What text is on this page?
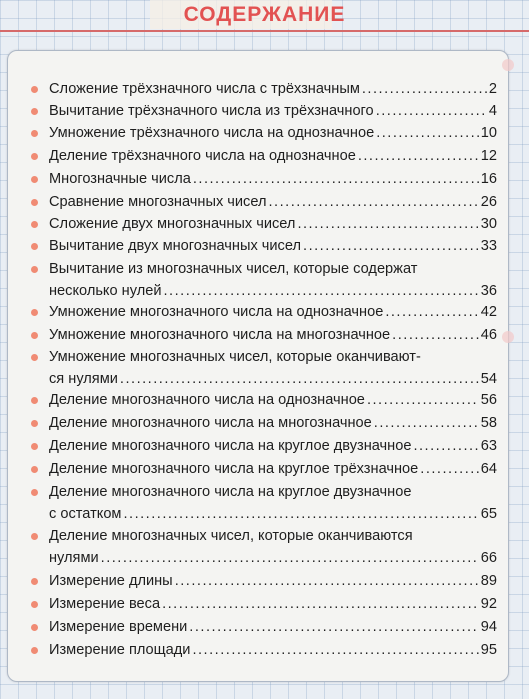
СОДЕРЖАНИЕ
Сложение трёхзначного числа с трёхзначным .....	2
Вычитание трёхзначного числа из трёхзначного .....	4
Умножение трёхзначного числа на однозначное .....	10
Деление трёхзначного числа на однозначное .....	12
Многозначные числа .....	16
Сравнение многозначных чисел .....	26
Сложение двух многозначных чисел .....	30
Вычитание двух многозначных чисел .....	33
Вычитание из многозначных чисел, которые содержат
несколько нулей .....	36
Умножение многозначного числа на однозначное .....	42
Умножение многозначного числа на многозначное .....	46
Умножение многозначных чисел, которые оканчивают-
ся нулями .....	54
Деление многозначного числа на однозначное .....	56
Деление многозначного числа на многозначное .....	58
Деление многозначного числа на круглое двузначное .....	63
Деление многозначного числа на круглое трёхзначное .....	64
Деление многозначного числа на круглое двузначное
с остатком .....	65
Деление многозначных чисел, которые оканчиваются
нулями .....	66
Измерение длины .....	89
Измерение веса .....	92
Измерение времени .....	94
Измерение площади .....	95
